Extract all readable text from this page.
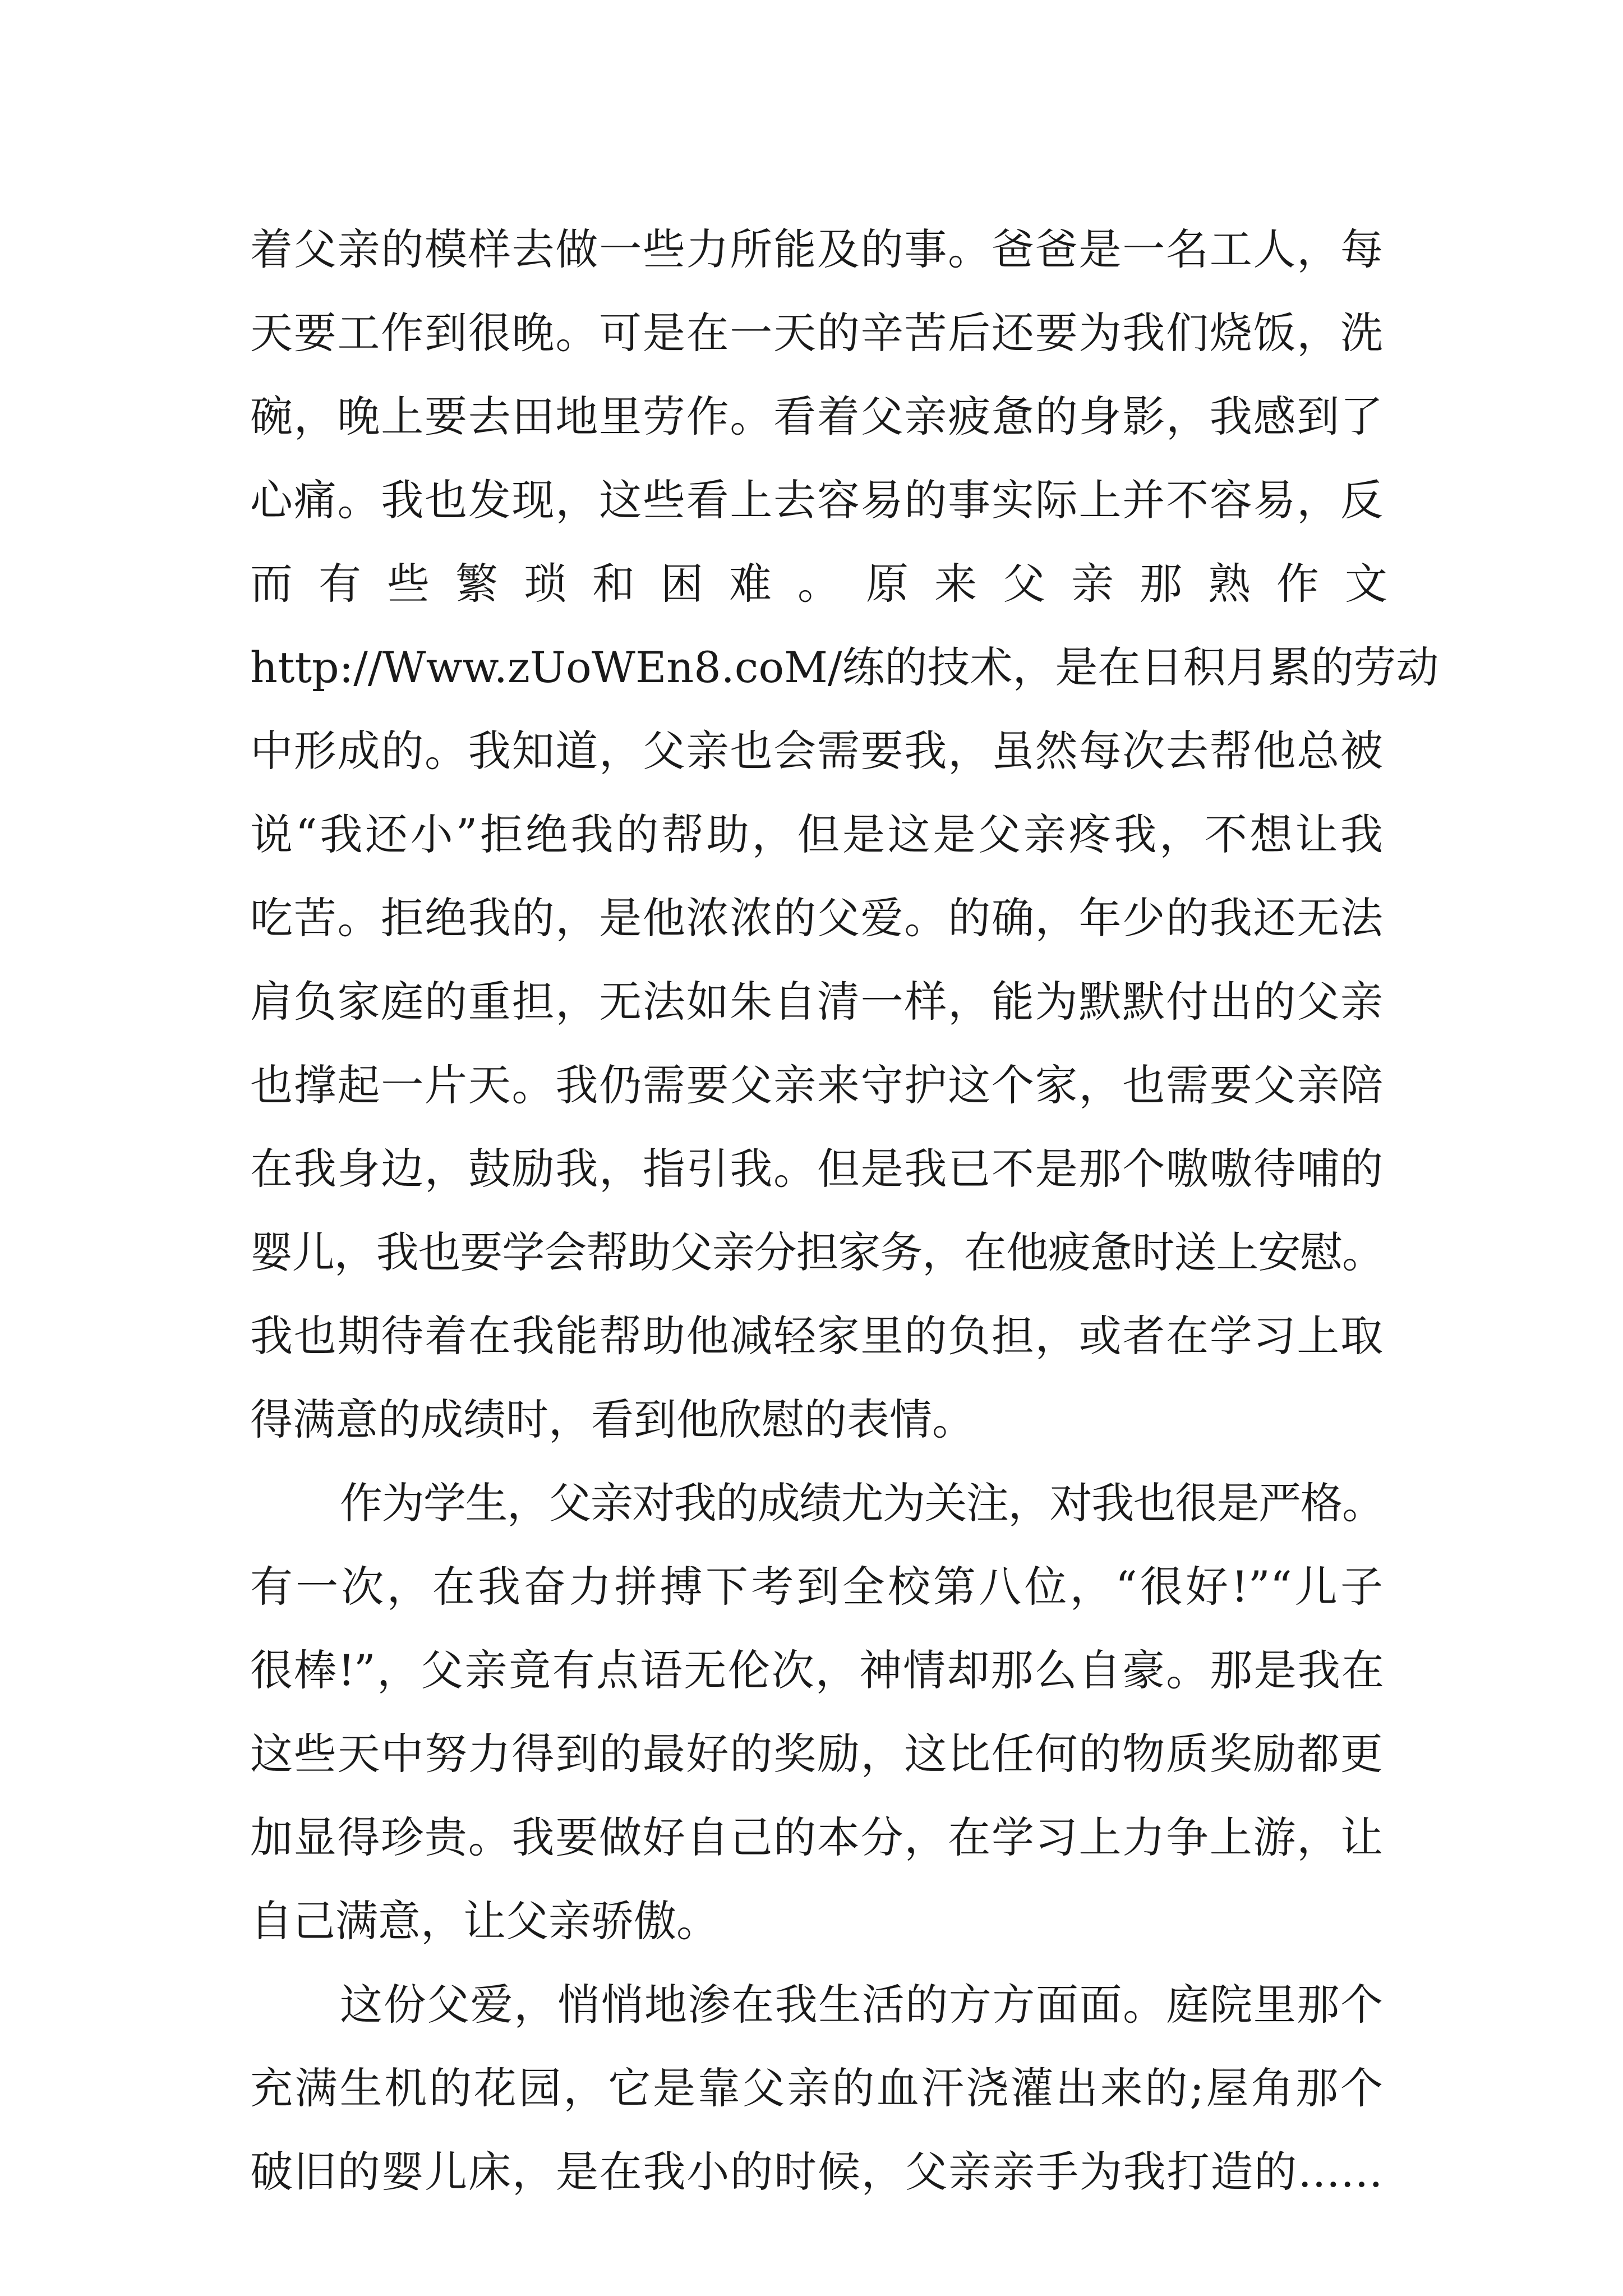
着父亲的模样去做一些力所能及的事。爸爸是一名工人，每
天要工作到很晚。可是在一天的辛苦后还要为我们烧饭，洗
碗，晚上要去田地里劳作。看着父亲疲惫的身影，我感到了
心痛。我也发现，这些看上去容易的事实际上并不容易，反
而有些繁琐和困难。原来父亲那熟作文
http://Www.zUoWEn8.coM/练的技术，是在日积月累的劳动
中形成的。我知道，父亲也会需要我，虽然每次去帮他总被
说“我还小”拒绝我的帮助，但是这是父亲疼我，不想让我
吃苦。拒绝我的，是他浓浓的父爱。的确，年少的我还无法
肩负家庭的重担，无法如朱自清一样，能为默默付出的父亲
也撑起一片天。我仍需要父亲来守护这个家，也需要父亲陪
在我身边，鼓励我，指引我。但是我已不是那个嗷嗷待哺的
婴儿，我也要学会帮助父亲分担家务，在他疲惫时送上安慰。
我也期待着在我能帮助他减轻家里的负担，或者在学习上取
得满意的成绩时，看到他欣慰的表情。
作为学生，父亲对我的成绩尤为关注，对我也很是严格。
有一次，在我奋力拼搏下考到全校第八位，“很好!”“儿子
很棒!”，父亲竟有点语无伦次，神情却那么自豪。那是我在
这些天中努力得到的最好的奖励，这比任何的物质奖励都更
加显得珍贵。我要做好自己的本分，在学习上力争上游，让
自己满意，让父亲骄傲。
这份父爱，悄悄地渗在我生活的方方面面。庭院里那个
充满生机的花园，它是靠父亲的血汗浇灌出来的;屋角那个
破旧的婴儿床，是在我小的时候，父亲亲手为我打造的……
